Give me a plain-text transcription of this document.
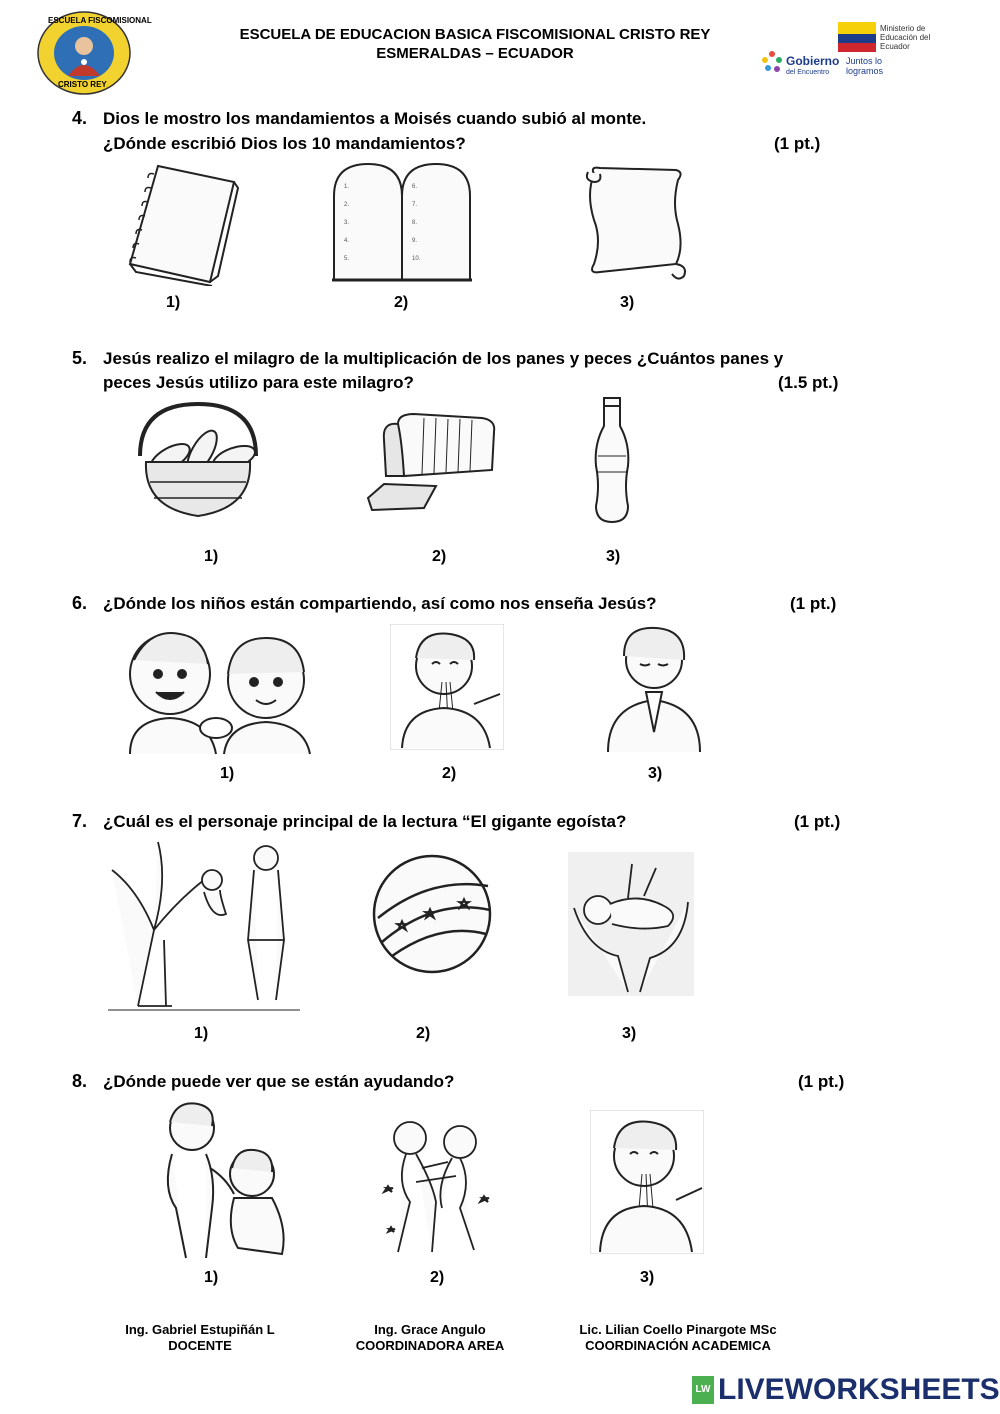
ESCUELA FISCOMISIONAL
CRISTO REY
ESCUELA DE EDUCACION BASICA FISCOMISIONAL CRISTO REY
ESMERALDAS – ECUADOR	Gobierno
del Encuentro
Juntos lo logramos
Ministerio de Educación del Ecuador
4. Dios le mostro los mandamientos a Moisés cuando subió al monte.
¿Dónde escribió Dios los 10 mandamientos?	(1 pt.)
1.
2.
3.
4.
5.
6.
7.
8.
9.
10.
1)	2)	3)
5. Jesús realizo el milagro de la multiplicación de los panes y peces ¿Cuántos panes y
peces Jesús utilizo para este milagro?	(1.5 pt.)
1)	2)	3)
6. ¿Dónde los niños están compartiendo, así como nos enseña Jesús?	(1 pt.)
1)	2)	3)
7. ¿Cuál es el personaje principal de la lectura “El gigante egoísta?	(1 pt.)
1)	2)	3)
8. ¿Dónde puede ver que se están ayudando?	(1 pt.)
1)	2)	3)
Ing. Gabriel Estupiñán L
DOCENTE
Ing. Grace Angulo
COORDINADORA AREA
Lic. Lilian Coello Pinargote MSc
COORDINACIÓN ACADEMICA
LW LIVEWORKSHEETS
